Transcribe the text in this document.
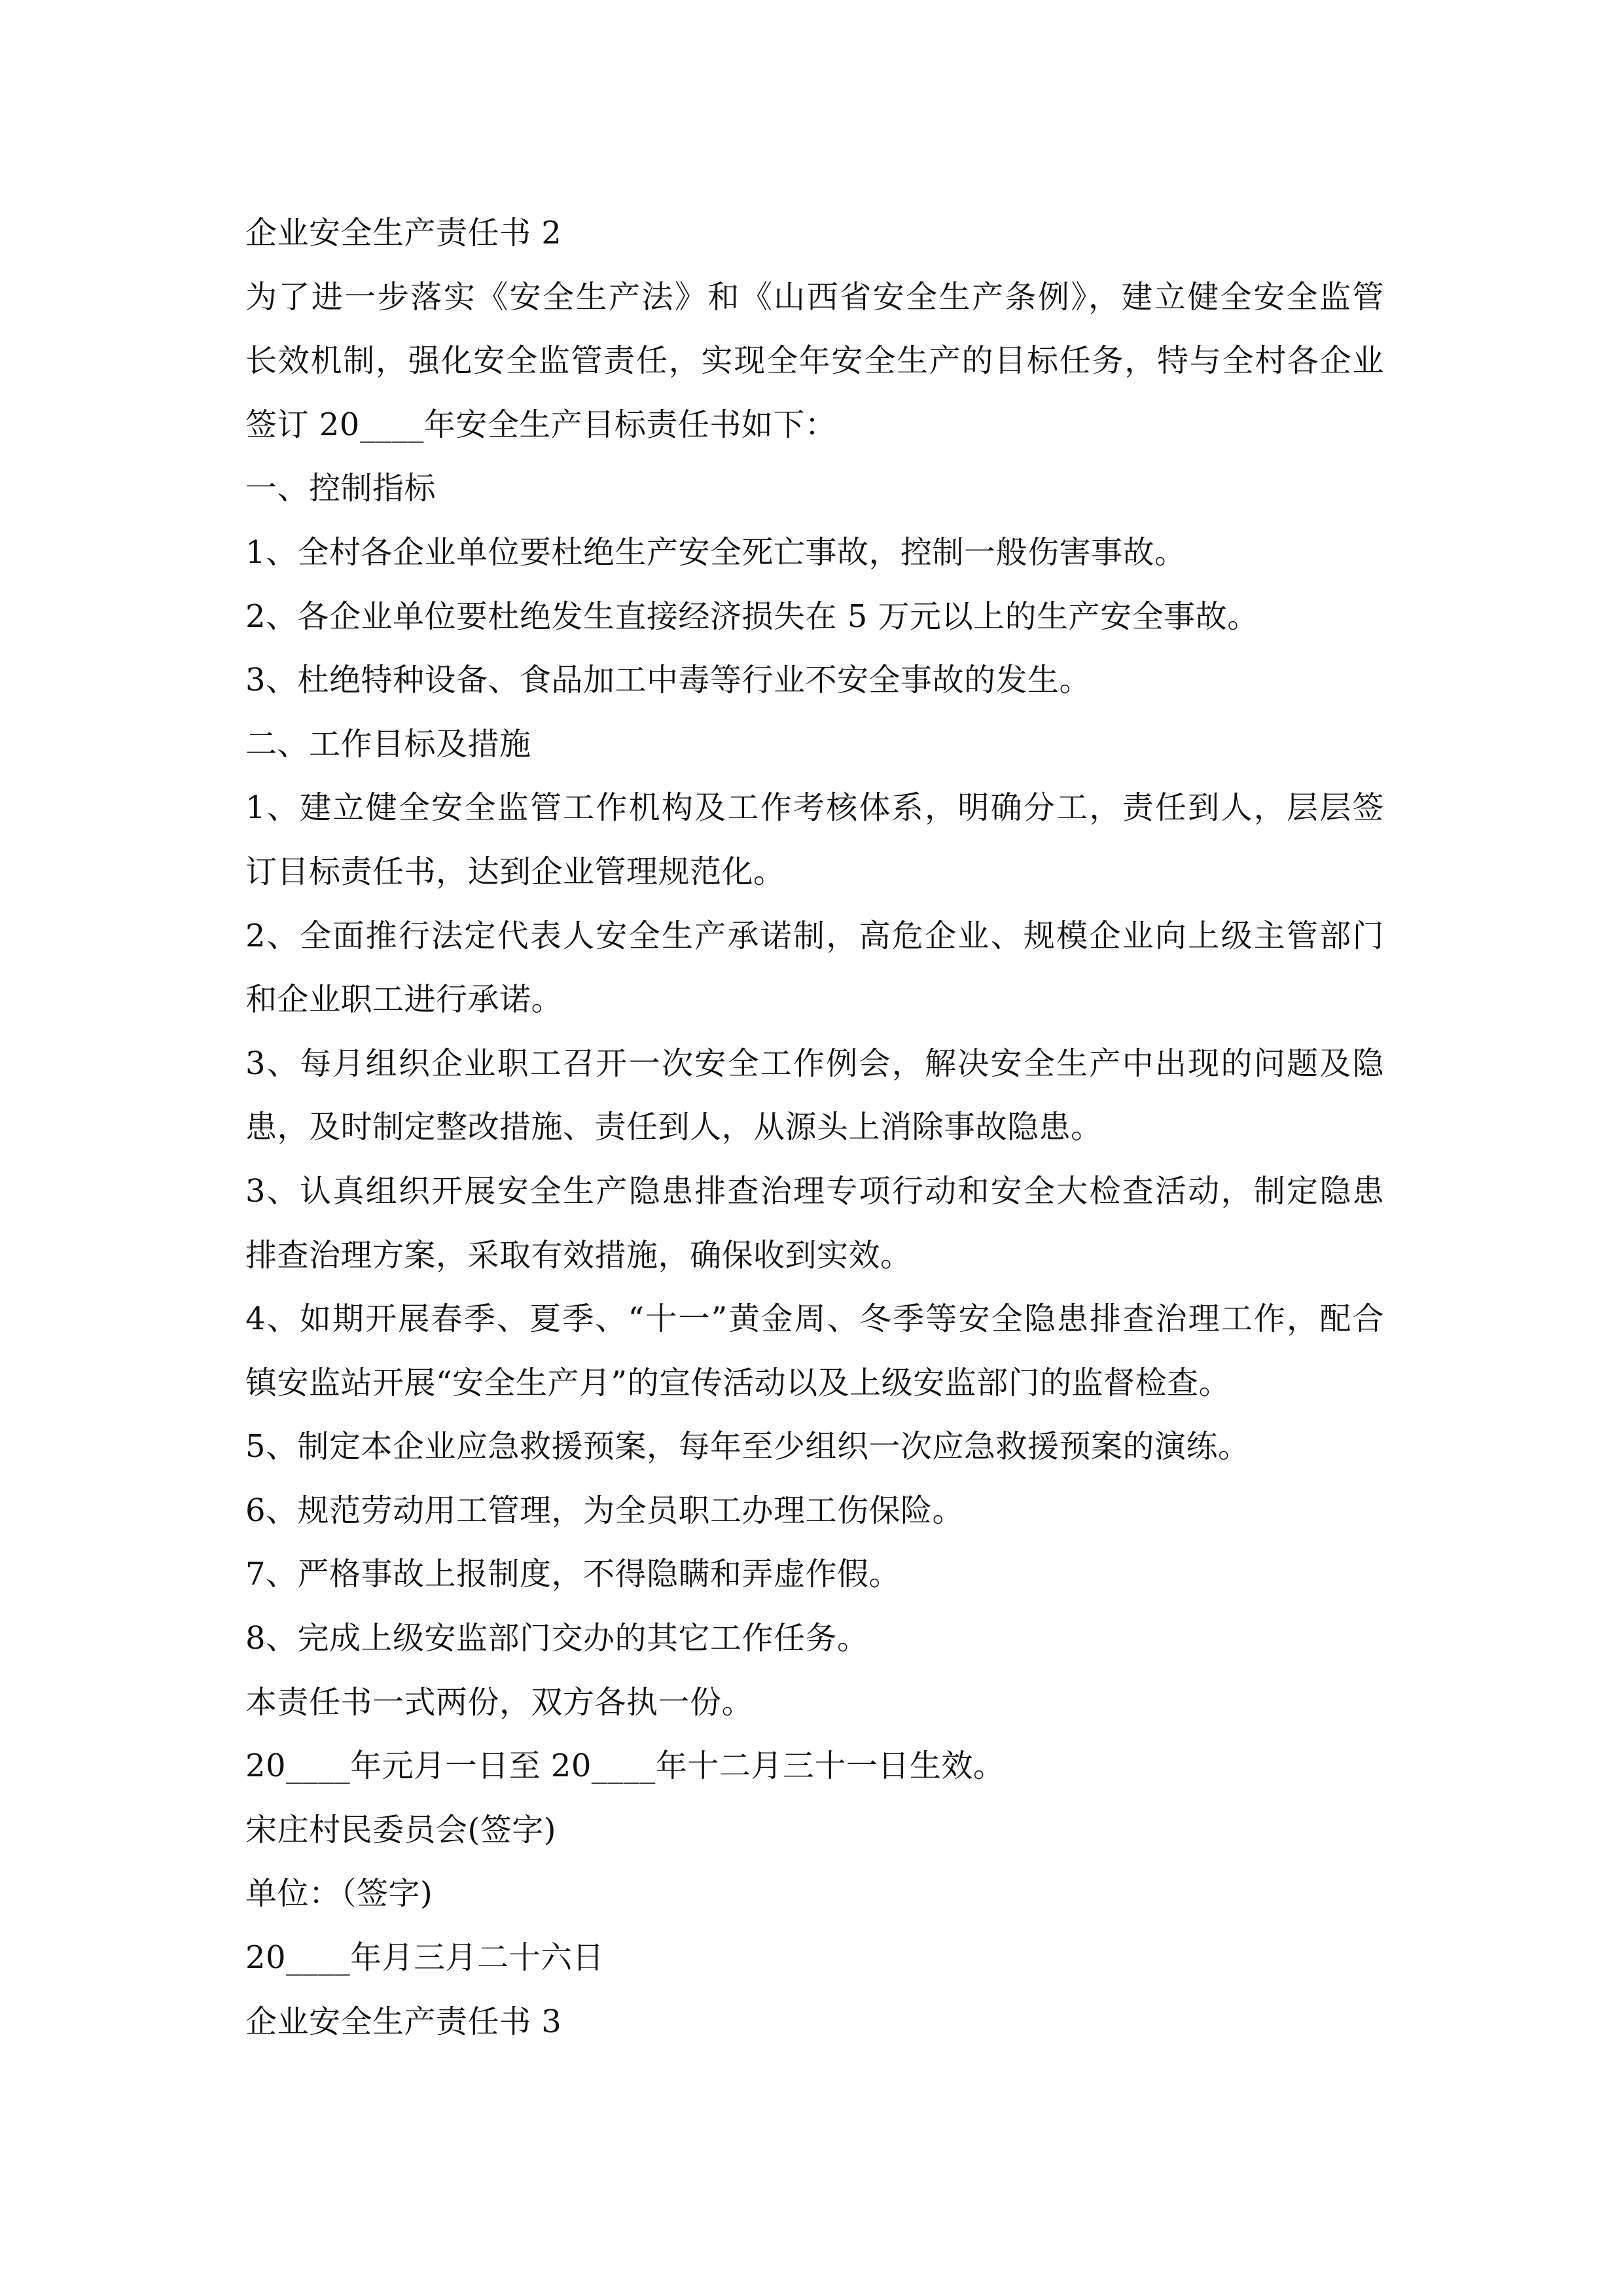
企业安全生产责任书 2
为了进一步落实《安全生产法》和《山西省安全生产条例》，建立健全安全监管
长效机制，强化安全监管责任，实现全年安全生产的目标任务，特与全村各企业
签订 20____年安全生产目标责任书如下：
一、控制指标
1、全村各企业单位要杜绝生产安全死亡事故，控制一般伤害事故。
2、各企业单位要杜绝发生直接经济损失在 5 万元以上的生产安全事故。
3、杜绝特种设备、食品加工中毒等行业不安全事故的发生。
二、工作目标及措施
1、建立健全安全监管工作机构及工作考核体系，明确分工，责任到人，层层签
订目标责任书，达到企业管理规范化。
2、全面推行法定代表人安全生产承诺制，高危企业、规模企业向上级主管部门
和企业职工进行承诺。
3、每月组织企业职工召开一次安全工作例会，解决安全生产中出现的问题及隐
患，及时制定整改措施、责任到人，从源头上消除事故隐患。
3、认真组织开展安全生产隐患排查治理专项行动和安全大检查活动，制定隐患
排查治理方案，采取有效措施，确保收到实效。
4、如期开展春季、夏季、“十一”黄金周、冬季等安全隐患排查治理工作，配合
镇安监站开展“安全生产月”的宣传活动以及上级安监部门的监督检查。
5、制定本企业应急救援预案，每年至少组织一次应急救援预案的演练。
6、规范劳动用工管理，为全员职工办理工伤保险。
7、严格事故上报制度，不得隐瞒和弄虚作假。
8、完成上级安监部门交办的其它工作任务。
本责任书一式两份，双方各执一份。
20____年元月一日至 20____年十二月三十一日生效。
宋庄村民委员会(签字)
单位：（签字)
20____年月三月二十六日
企业安全生产责任书 3
